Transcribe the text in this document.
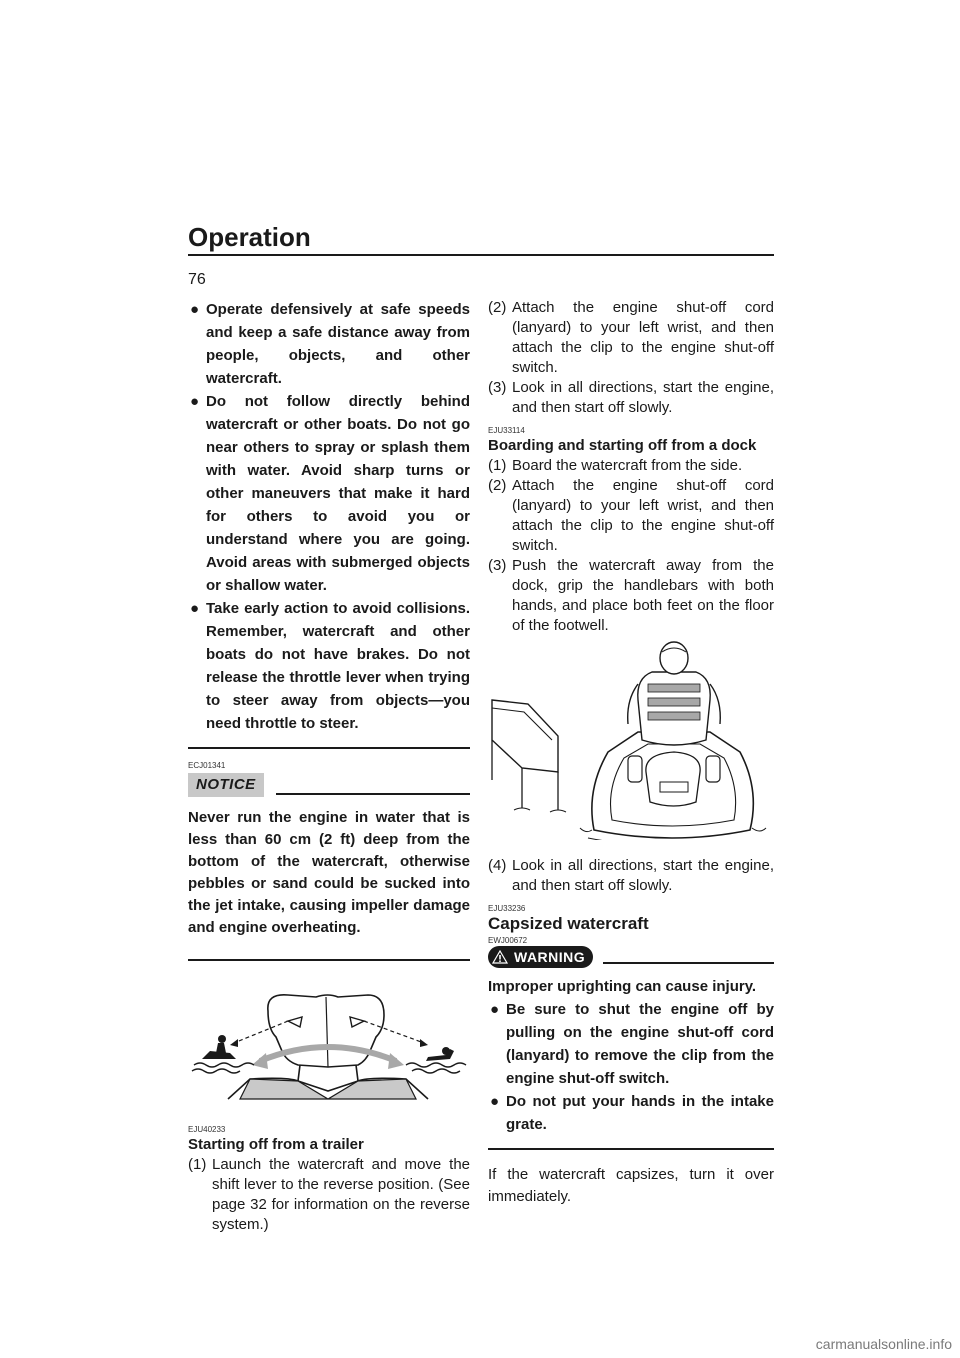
Operation
76
● Operate defensively at safe speeds and keep a safe distance away from people, objects, and other watercraft.
● Do not follow directly behind watercraft or other boats. Do not go near others to spray or splash them with water. Avoid sharp turns or other maneuvers that make it hard for others to avoid you or understand where you are going. Avoid areas with submerged objects or shallow water.
● Take early action to avoid collisions. Remember, watercraft and other boats do not have brakes. Do not release the throttle lever when trying to steer away from objects—you need throttle to steer.
ECJ01341
NOTICE
Never run the engine in water that is less than 60 cm (2 ft) deep from the bottom of the watercraft, otherwise pebbles or sand could be sucked into the jet intake, causing impeller damage and engine overheating.
EJU40233
Starting off from a trailer
(1) Launch the watercraft and move the shift lever to the reverse position. (See page 32 for information on the reverse system.)
(2) Attach the engine shut-off cord (lanyard) to your left wrist, and then attach the clip to the engine shut-off switch.
(3) Look in all directions, start the engine, and then start off slowly.
EJU33114
Boarding and starting off from a dock
(1) Board the watercraft from the side.
(2) Attach the engine shut-off cord (lanyard) to your left wrist, and then attach the clip to the engine shut-off switch.
(3) Push the watercraft away from the dock, grip the handlebars with both hands, and place both feet on the floor of the footwell.
(4) Look in all directions, start the engine, and then start off slowly.
EJU33236
Capsized watercraft
EWJ00672
WARNING
Improper uprighting can cause injury.
● Be sure to shut the engine off by pulling on the engine shut-off cord (lanyard) to remove the clip from the engine shut-off switch.
● Do not put your hands in the intake grate.
If the watercraft capsizes, turn it over immediately.
carmanualsonline.info
